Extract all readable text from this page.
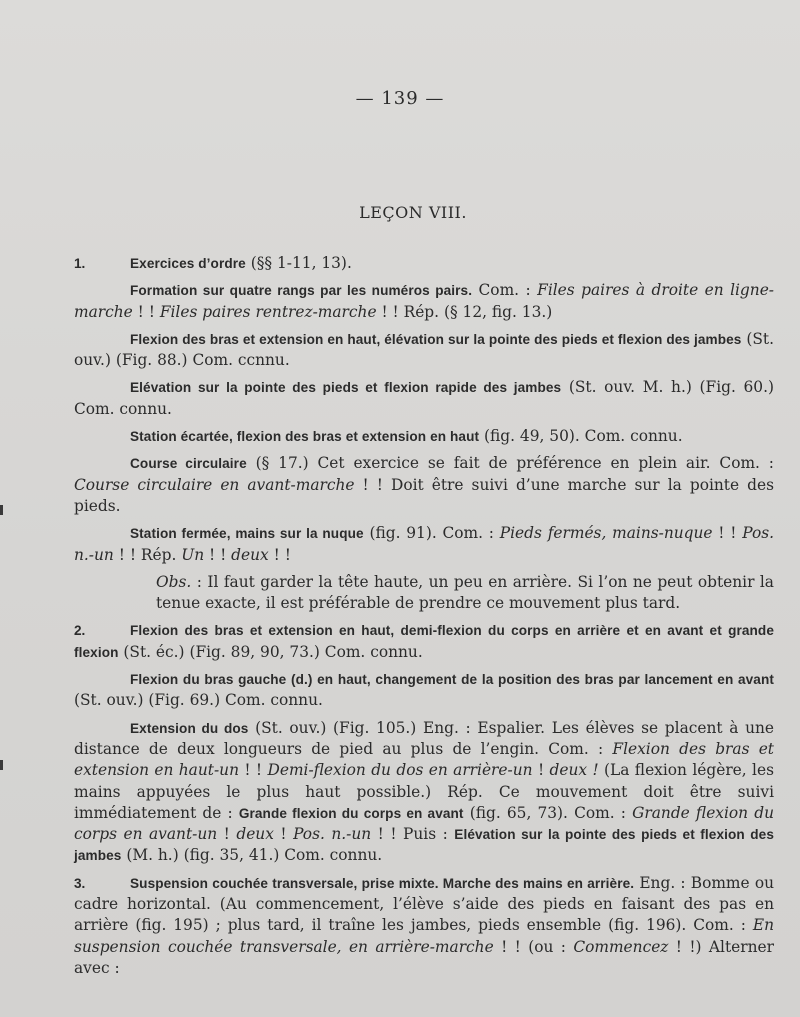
— 139 —
LEÇON VIII.

1.	Exercices d’ordre (§§ 1-11, 13).

Formation sur quatre rangs par les numéros pairs. Com. : Files paires à droite en ligne-marche ! ! Files paires rentrez-marche ! ! Rép. (§ 12, fig. 13.)

Flexion des bras et extension en haut, élévation sur la pointe des pieds et flexion des jambes (St. ouv.) (Fig. 88.) Com. ccnnu.

Elévation sur la pointe des pieds et flexion rapide des jambes (St. ouv. M. h.) (Fig. 60.) Com. connu.

Station écartée, flexion des bras et extension en haut (fig. 49, 50). Com. connu.

Course circulaire (§ 17.) Cet exercice se fait de préférence en plein air. Com. : Course circulaire en avant-marche ! ! Doit être suivi d’une marche sur la pointe des pieds.

Station fermée, mains sur la nuque (fig. 91). Com. : Pieds fermés, mains-nuque ! ! Pos. n.-un ! ! Rép. Un ! ! deux ! !

Obs. : Il faut garder la tête haute, un peu en arrière. Si l’on ne peut obtenir la tenue exacte, il est préférable de prendre ce mouvement plus tard.

2.	Flexion des bras et extension en haut, demi-flexion du corps en arrière et en avant et grande flexion (St. éc.) (Fig. 89, 90, 73.) Com. connu.

Flexion du bras gauche (d.) en haut, changement de la position des bras par lancement en avant (St. ouv.) (Fig. 69.) Com. connu.

Extension du dos (St. ouv.) (Fig. 105.) Eng. : Espalier. Les élèves se placent à une distance de deux longueurs de pied au plus de l’engin. Com. : Flexion des bras et extension en haut-un ! ! Demi-flexion du dos en arrière-un ! deux ! (La flexion légère, les mains appuyées le plus haut possible.) Rép. Ce mouvement doit être suivi immédiatement de : Grande flexion du corps en avant (fig. 65, 73). Com. : Grande flexion du corps en avant-un ! deux ! Pos. n.-un ! ! Puis : Elévation sur la pointe des pieds et flexion des jambes (M. h.) (fig. 35, 41.) Com. connu.

3.	Suspension couchée transversale, prise mixte. Marche des mains en arrière. Eng. : Bomme ou cadre horizontal. (Au commencement, l’élève s’aide des pieds en faisant des pas en arrière (fig. 195) ; plus tard, il traîne les jambes, pieds ensemble (fig. 196). Com. : En suspension couchée transversale, en arrière-marche ! ! (ou : Commencez ! !) Alterner avec :
